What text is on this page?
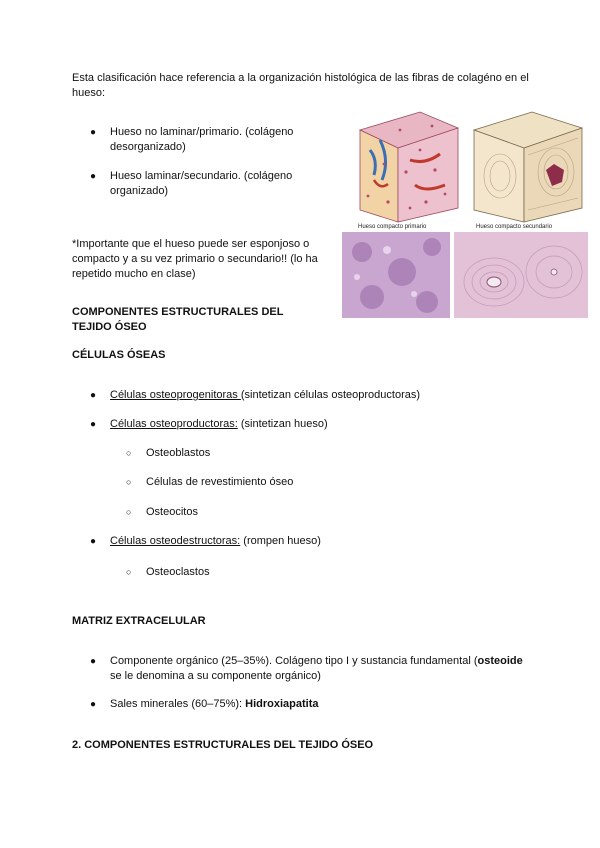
Esta clasificación hace referencia a la organización histológica de las fibras de colagéno en el hueso:

●	Hueso no laminar/primario. (colágeno desorganizado)
●	Hueso laminar/secundario. (colágeno organizado)

*Importante que el hueso puede ser esponjoso o compacto y a su vez primario o secundario!! (lo ha repetido mucho en clase)

Hueso compacto primario	Hueso compacto secundario

COMPONENTES ESTRUCTURALES DEL TEJIDO ÓSEO

CÉLULAS ÓSEAS

●	Células osteoprogenitoras (sintetizan células osteoproductoras)
●	Células osteoproductoras: (sintetizan hueso)
○	Osteoblastos
○	Células de revestimiento óseo
○	Osteocitos
●	Células osteodestructoras: (rompen hueso)
○	Osteoclastos

MATRIZ EXTRACELULAR

●	Componente orgánico (25–35%). Colágeno tipo I y sustancia fundamental (osteoide se le denomina a su componente orgánico)
●	Sales minerales (60–75%): Hidroxiapatita

2. COMPONENTES ESTRUCTURALES DEL TEJIDO ÓSEO
